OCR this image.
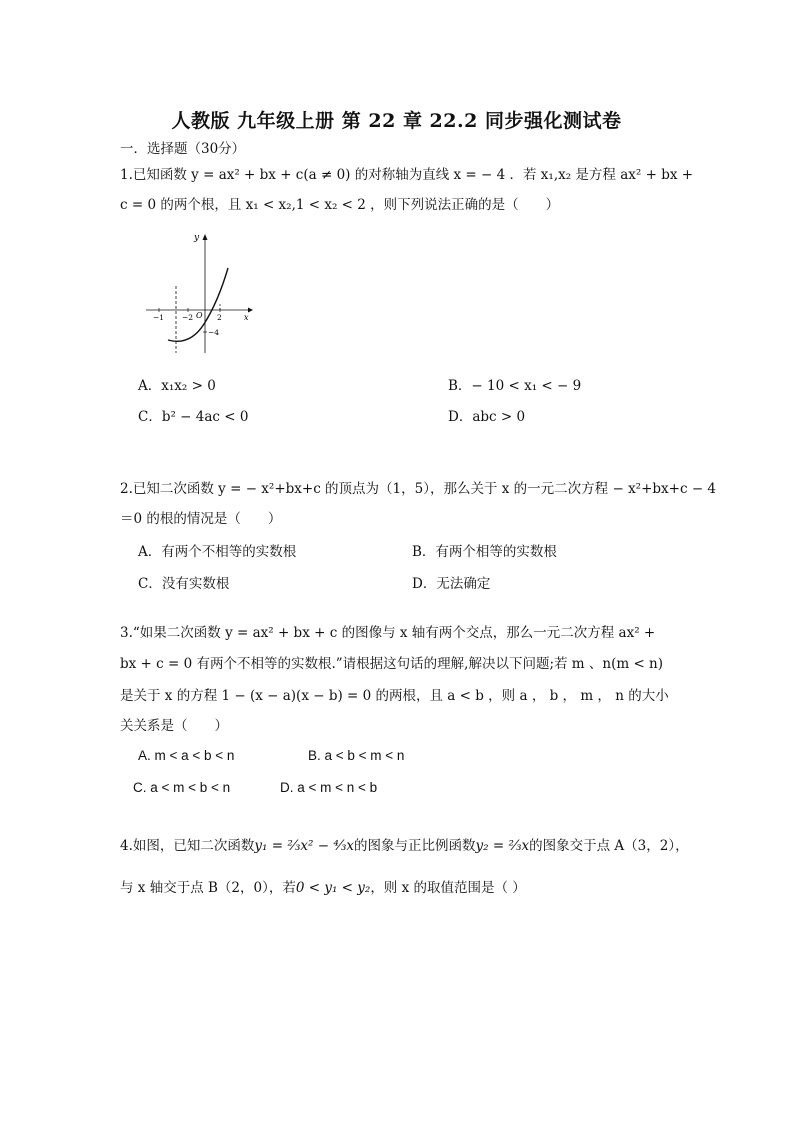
人教版 九年级上册 第 22 章 22.2 同步强化测试卷
一．选择题（30分）
1.已知函数 y = ax² + bx + c(a ≠ 0) 的对称轴为直线 x = − 4 ．若 x₁,x₂ 是方程 ax² + bx +
c = 0 的两个根，且 x₁ < x₂,1 < x₂ < 2 ，则下列说法正确的是（　　）
y
x
O
−1 −2	2
−4
A．x₁x₂ > 0	B．− 10 < x₁ < − 9
C．b² − 4ac < 0	D．abc > 0
2.已知二次函数 y = − x²+bx+c 的顶点为（1，5），那么关于 x 的一元二次方程 − x²+bx+c − 4
＝0 的根的情况是（　　）
A．有两个不相等的实数根	B．有两个相等的实数根
C．没有实数根	D．无法确定
3.“如果二次函数 y = ax² + bx + c 的图像与 x 轴有两个交点，那么一元二次方程 ax² +
bx + c = 0 有两个不相等的实数根.”请根据这句话的理解,解决以下问题;若 m 、n(m < n)
是关于 x 的方程 1 − (x − a)(x − b) = 0 的两根，且 a < b ，则 a ， b ， m ， n 的大小
关关系是（　　）
A. m < a < b < n	B. a < b < m < n
C. a < m < b < n	D. a < m < n < b
4.如图，已知二次函数y₁ = ²⁄₃x² − ⁴⁄₃x的图象与正比例函数y₂ = ²⁄₃x的图象交于点 A（3，2），
与 x 轴交于点 B（2，0），若0 < y₁ < y₂，则 x 的取值范围是（ ）
